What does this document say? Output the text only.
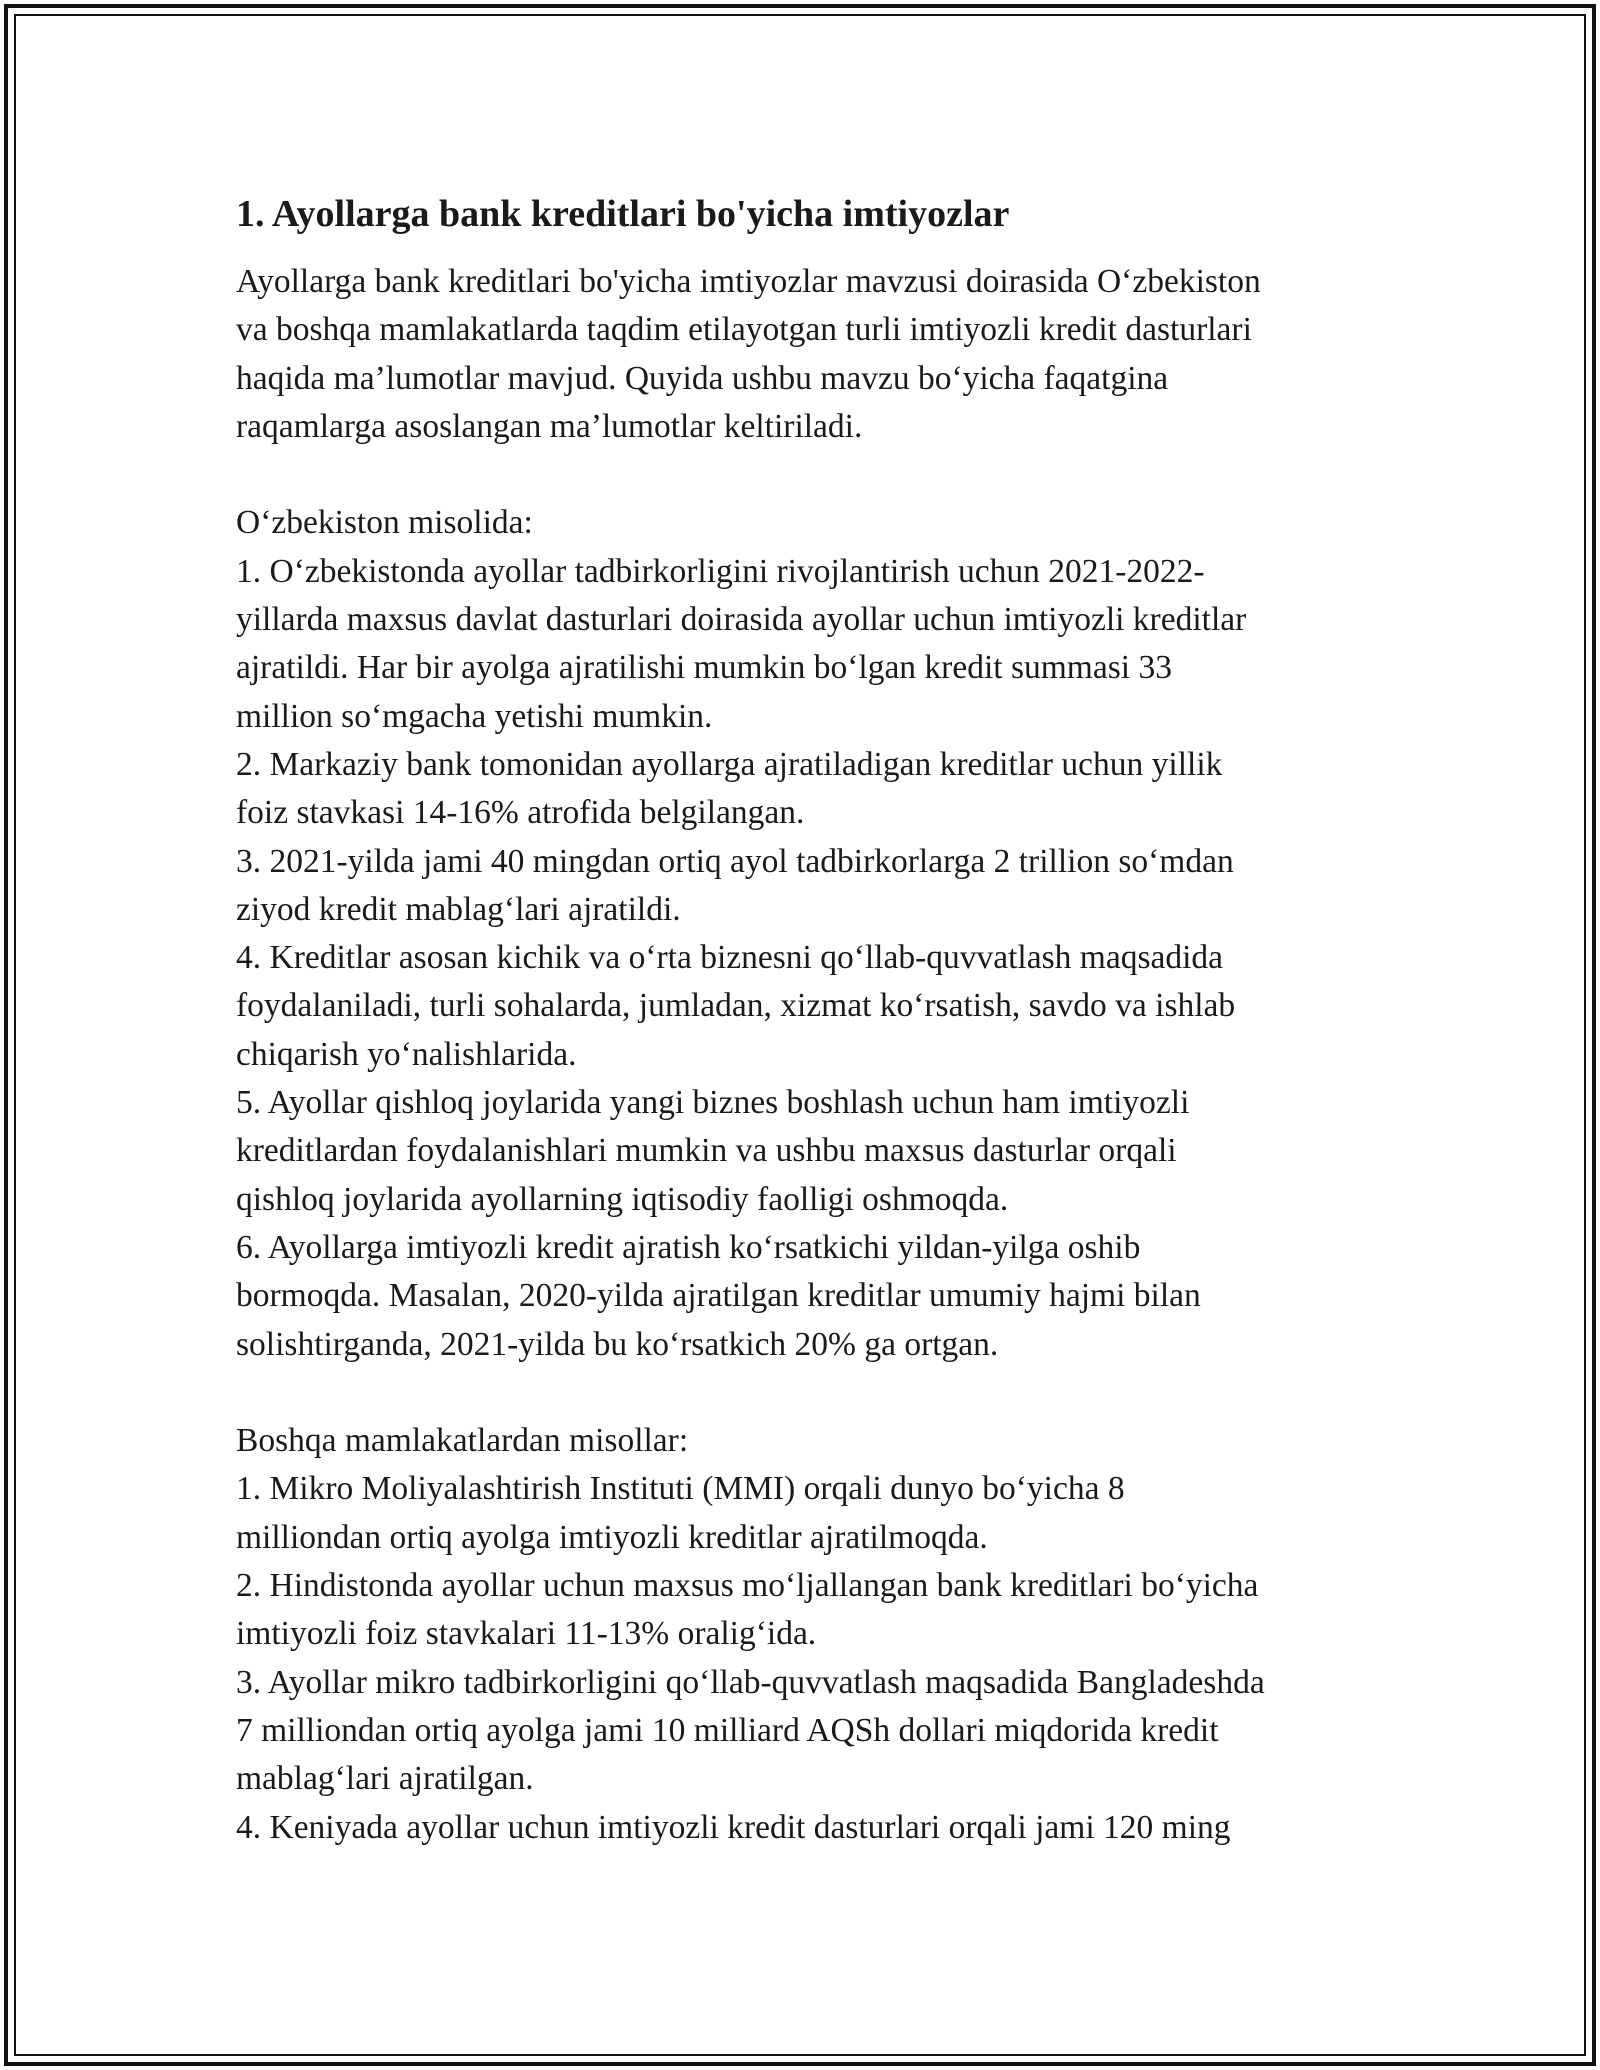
1. Ayollarga bank kreditlari bo'yicha imtiyozlar

Ayollarga bank kreditlari bo'yicha imtiyozlar mavzusi doirasida O‘zbekiston
va boshqa mamlakatlarda taqdim etilayotgan turli imtiyozli kredit dasturlari
haqida ma’lumotlar mavjud. Quyida ushbu mavzu bo‘yicha faqatgina
raqamlarga asoslangan ma’lumotlar keltiriladi.

O‘zbekiston misolida:

1. O‘zbekistonda ayollar tadbirkorligini rivojlantirish uchun 2021-2022-
yillarda maxsus davlat dasturlari doirasida ayollar uchun imtiyozli kreditlar
ajratildi. Har bir ayolga ajratilishi mumkin bo‘lgan kredit summasi 33
million so‘mgacha yetishi mumkin.

2. Markaziy bank tomonidan ayollarga ajratiladigan kreditlar uchun yillik
foiz stavkasi 14-16% atrofida belgilangan.

3. 2021-yilda jami 40 mingdan ortiq ayol tadbirkorlarga 2 trillion so‘mdan
ziyod kredit mablag‘lari ajratildi.

4. Kreditlar asosan kichik va o‘rta biznesni qo‘llab-quvvatlash maqsadida
foydalaniladi, turli sohalarda, jumladan, xizmat ko‘rsatish, savdo va ishlab
chiqarish yo‘nalishlarida.

5. Ayollar qishloq joylarida yangi biznes boshlash uchun ham imtiyozli
kreditlardan foydalanishlari mumkin va ushbu maxsus dasturlar orqali
qishloq joylarida ayollarning iqtisodiy faolligi oshmoqda.

6. Ayollarga imtiyozli kredit ajratish ko‘rsatkichi yildan-yilga oshib
bormoqda. Masalan, 2020-yilda ajratilgan kreditlar umumiy hajmi bilan
solishtirganda, 2021-yilda bu ko‘rsatkich 20% ga ortgan.

Boshqa mamlakatlardan misollar:

1. Mikro Moliyalashtirish Instituti (MMI) orqali dunyo bo‘yicha 8
milliondan ortiq ayolga imtiyozli kreditlar ajratilmoqda.

2. Hindistonda ayollar uchun maxsus mo‘ljallangan bank kreditlari bo‘yicha
imtiyozli foiz stavkalari 11-13% oralig‘ida.

3. Ayollar mikro tadbirkorligini qo‘llab-quvvatlash maqsadida Bangladeshda
7 milliondan ortiq ayolga jami 10 milliard AQSh dollari miqdorida kredit
mablag‘lari ajratilgan.

4. Keniyada ayollar uchun imtiyozli kredit dasturlari orqali jami 120 ming
